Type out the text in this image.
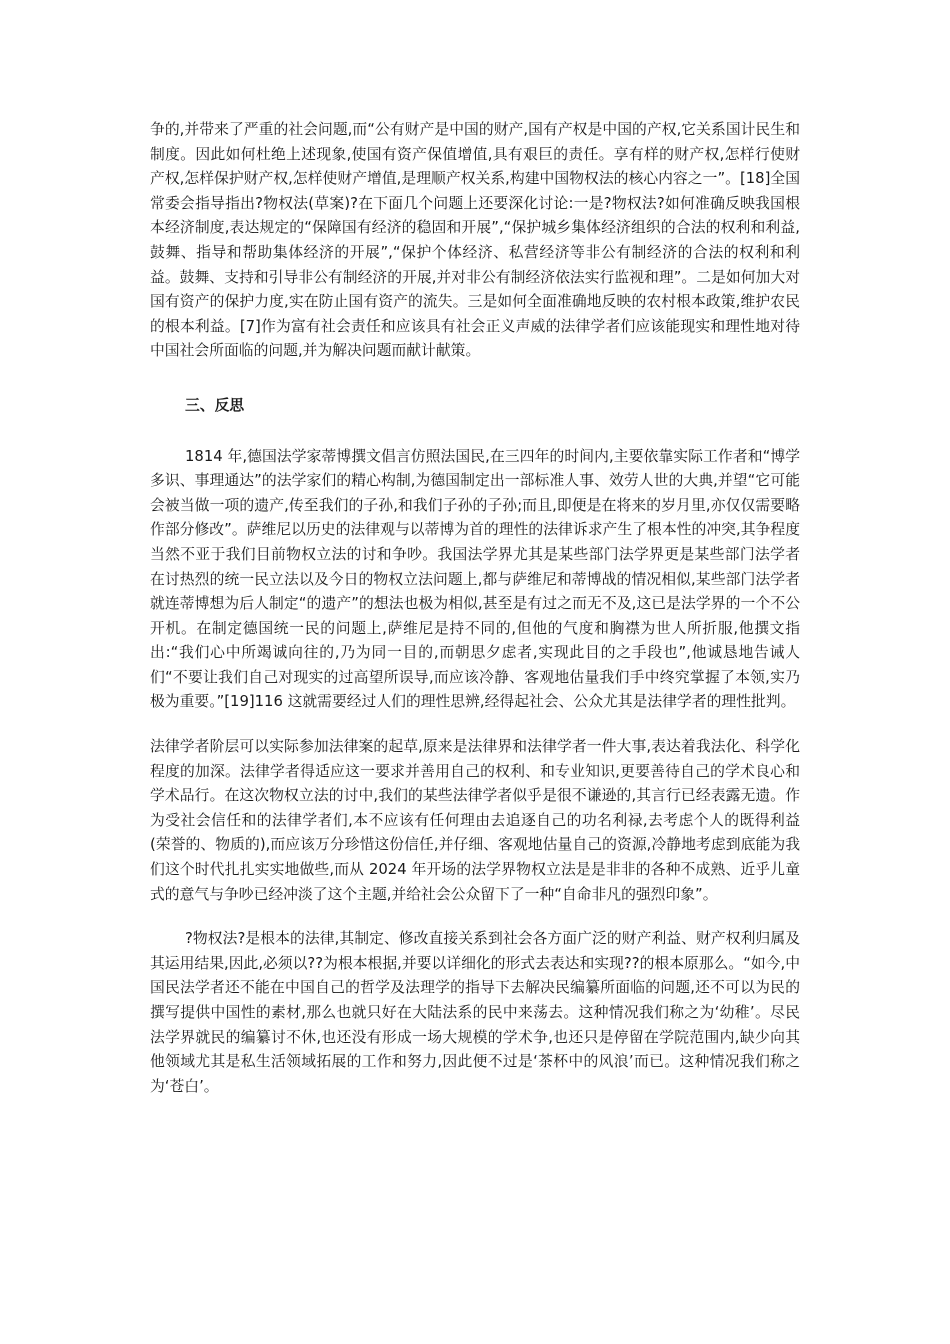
争的,并带来了严重的社会问题,而“公有财产是中国的财产,国有产权是中国的产权,它关系国计民生和制度。因此如何杜绝上述现象,使国有资产保值增值,具有艰巨的责任。享有样的财产权,怎样行使财产权,怎样保护财产权,怎样使财产增值,是理顺产权关系,构建中国物权法的核心内容之一”。[18]全国常委会指导指出?物权法(草案)?在下面几个问题上还要深化讨论:一是?物权法?如何准确反映我国根本经济制度,表达规定的“保障国有经济的稳固和开展”,“保护城乡集体经济组织的合法的权利和利益,鼓舞、指导和帮助集体经济的开展”,“保护个体经济、私营经济等非公有制经济的合法的权利和利益。鼓舞、支持和引导非公有制经济的开展,并对非公有制经济依法实行监视和理”。二是如何加大对国有资产的保护力度,实在防止国有资产的流失。三是如何全面准确地反映的农村根本政策,维护农民的根本利益。[7]作为富有社会责任和应该具有社会正义声威的法律学者们应该能现实和理性地对待中国社会所面临的问题,并为解决问题而献计献策。

三、反思

1814 年,德国法学家蒂博撰文倡言仿照法国民,在三四年的时间内,主要依靠实际工作者和“博学多识、事理通达”的法学家们的精心构制,为德国制定出一部标准人事、效劳人世的大典,并望“它可能会被当做一项的遗产,传至我们的子孙,和我们子孙的子孙;而且,即便是在将来的岁月里,亦仅仅需要略作部分修改”。萨维尼以历史的法律观与以蒂博为首的理性的法律诉求产生了根本性的冲突,其争程度当然不亚于我们目前物权立法的讨和争吵。我国法学界尤其是某些部门法学界更是某些部门法学者在讨热烈的统一民立法以及今日的物权立法问题上,都与萨维尼和蒂博战的情况相似,某些部门法学者就连蒂博想为后人制定“的遗产”的想法也极为相似,甚至是有过之而无不及,这已是法学界的一个不公开机。在制定德国统一民的问题上,萨维尼是持不同的,但他的气度和胸襟为世人所折服,他撰文指出:“我们心中所竭诚向往的,乃为同一目的,而朝思夕虑者,实现此目的之手段也”,他诚恳地告诫人们“不要让我们自己对现实的过高望所误导,而应该冷静、客观地估量我们手中终究掌握了本领,实乃极为重要。”[19]116 这就需要经过人们的理性思辨,经得起社会、公众尤其是法律学者的理性批判。

法律学者阶层可以实际参加法律案的起草,原来是法律界和法律学者一件大事,表达着我法化、科学化程度的加深。法律学者得适应这一要求并善用自己的权利、和专业知识,更要善待自己的学术良心和学术品行。在这次物权立法的讨中,我们的某些法律学者似乎是很不谦逊的,其言行已经表露无遗。作为受社会信任和的法律学者们,本不应该有任何理由去追逐自己的功名利禄,去考虑个人的既得利益(荣誉的、物质的),而应该万分珍惜这份信任,并仔细、客观地估量自己的资源,冷静地考虑到底能为我们这个时代扎扎实实地做些,而从 2024 年开场的法学界物权立法是是非非的各种不成熟、近乎儿童式的意气与争吵已经冲淡了这个主题,并给社会公众留下了一种“自命非凡的强烈印象”。

?物权法?是根本的法律,其制定、修改直接关系到社会各方面广泛的财产利益、财产权利归属及其运用结果,因此,必须以??为根本根据,并要以详细化的形式去表达和实现??的根本原那么。“如今,中国民法学者还不能在中国自己的哲学及法理学的指导下去解决民编纂所面临的问题,还不可以为民的撰写提供中国性的素材,那么也就只好在大陆法系的民中来荡去。这种情况我们称之为‘幼稚’。尽民法学界就民的编纂讨不休,也还没有形成一场大规模的学术争,也还只是停留在学院范围内,缺少向其他领域尤其是私生活领域拓展的工作和努力,因此便不过是‘茶杯中的风浪’而已。这种情况我们称之为‘苍白’。
